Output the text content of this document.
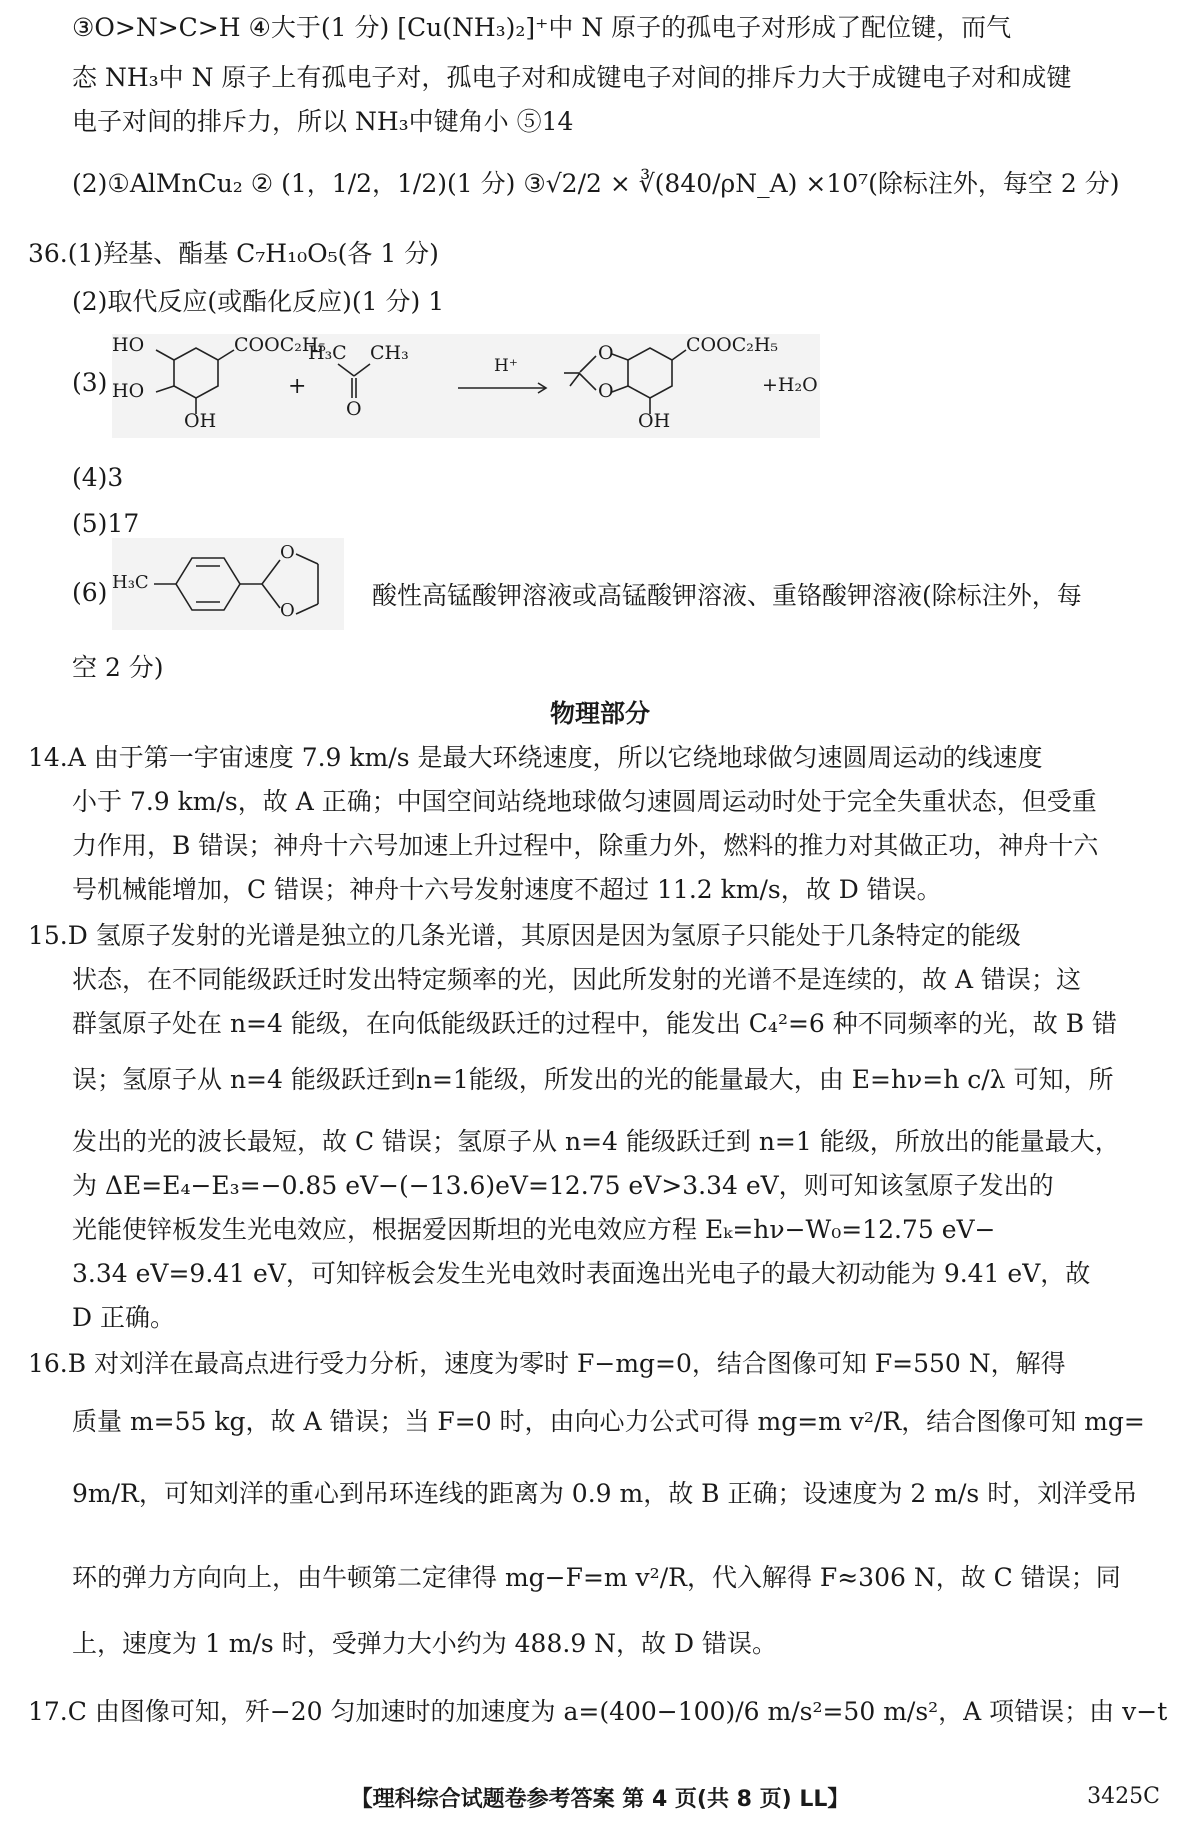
③O>N>C>H ④大于(1 分) [Cu(NH₃)₂]⁺中 N 原子的孤电子对形成了配位键，而气
态 NH₃中 N 原子上有孤电子对，孤电子对和成键电子对间的排斥力大于成键电子对和成键
电子对间的排斥力，所以 NH₃中键角小 ⑤14
(2)①AlMnCu₂ ② (1，1/2，1/2)(1 分) ③√2/2 × ∛(840/ρN_A) ×10⁷(除标注外，每空 2 分)
36.(1)羟基、酯基 C₇H₁₀O₅(各 1 分)
(2)取代反应(或酯化反应)(1 分) 1
(3)
HO
HO
OH
COOC₂H₅
+
H₃C CH₃
O
H⁺
O
O
COOC₂H₅
OH
+H₂O
(4)3
(5)17
(6) H₃C
O
O
酸性高锰酸钾溶液或高锰酸钾溶液、重铬酸钾溶液(除标注外，每
空 2 分)
物理部分
14.A 由于第一宇宙速度 7.9 km/s 是最大环绕速度，所以它绕地球做匀速圆周运动的线速度
小于 7.9 km/s，故 A 正确；中国空间站绕地球做匀速圆周运动时处于完全失重状态，但受重
力作用，B 错误；神舟十六号加速上升过程中，除重力外，燃料的推力对其做正功，神舟十六
号机械能增加，C 错误；神舟十六号发射速度不超过 11.2 km/s，故 D 错误。
15.D 氢原子发射的光谱是独立的几条光谱，其原因是因为氢原子只能处于几条特定的能级
状态，在不同能级跃迁时发出特定频率的光，因此所发射的光谱不是连续的，故 A 错误；这
群氢原子处在 n=4 能级，在向低能级跃迁的过程中，能发出 C₄²=6 种不同频率的光，故 B 错
误；氢原子从 n=4 能级跃迁到n=1能级，所发出的光的能量最大，由 E=hν=h c/λ 可知，所
发出的光的波长最短，故 C 错误；氢原子从 n=4 能级跃迁到 n=1 能级，所放出的能量最大，
为 ΔE=E₄−E₃=−0.85 eV−(−13.6)eV=12.75 eV>3.34 eV，则可知该氢原子发出的
光能使锌板发生光电效应，根据爱因斯坦的光电效应方程 Eₖ=hν−W₀=12.75 eV−
3.34 eV=9.41 eV，可知锌板会发生光电效时表面逸出光电子的最大初动能为 9.41 eV，故
D 正确。
16.B 对刘洋在最高点进行受力分析，速度为零时 F−mg=0，结合图像可知 F=550 N，解得
质量 m=55 kg，故 A 错误；当 F=0 时，由向心力公式可得 mg=m v²/R，结合图像可知 mg=
9m/R，可知刘洋的重心到吊环连线的距离为 0.9 m，故 B 正确；设速度为 2 m/s 时，刘洋受吊
环的弹力方向向上，由牛顿第二定律得 mg−F=m v²/R，代入解得 F≈306 N，故 C 错误；同
上，速度为 1 m/s 时，受弹力大小约为 488.9 N，故 D 错误。
17.C 由图像可知，歼−20 匀加速时的加速度为 a=(400−100)/6 m/s²=50 m/s²，A 项错误；由 v−t
【理科综合试题卷参考答案 第 4 页(共 8 页) LL】	3425C
